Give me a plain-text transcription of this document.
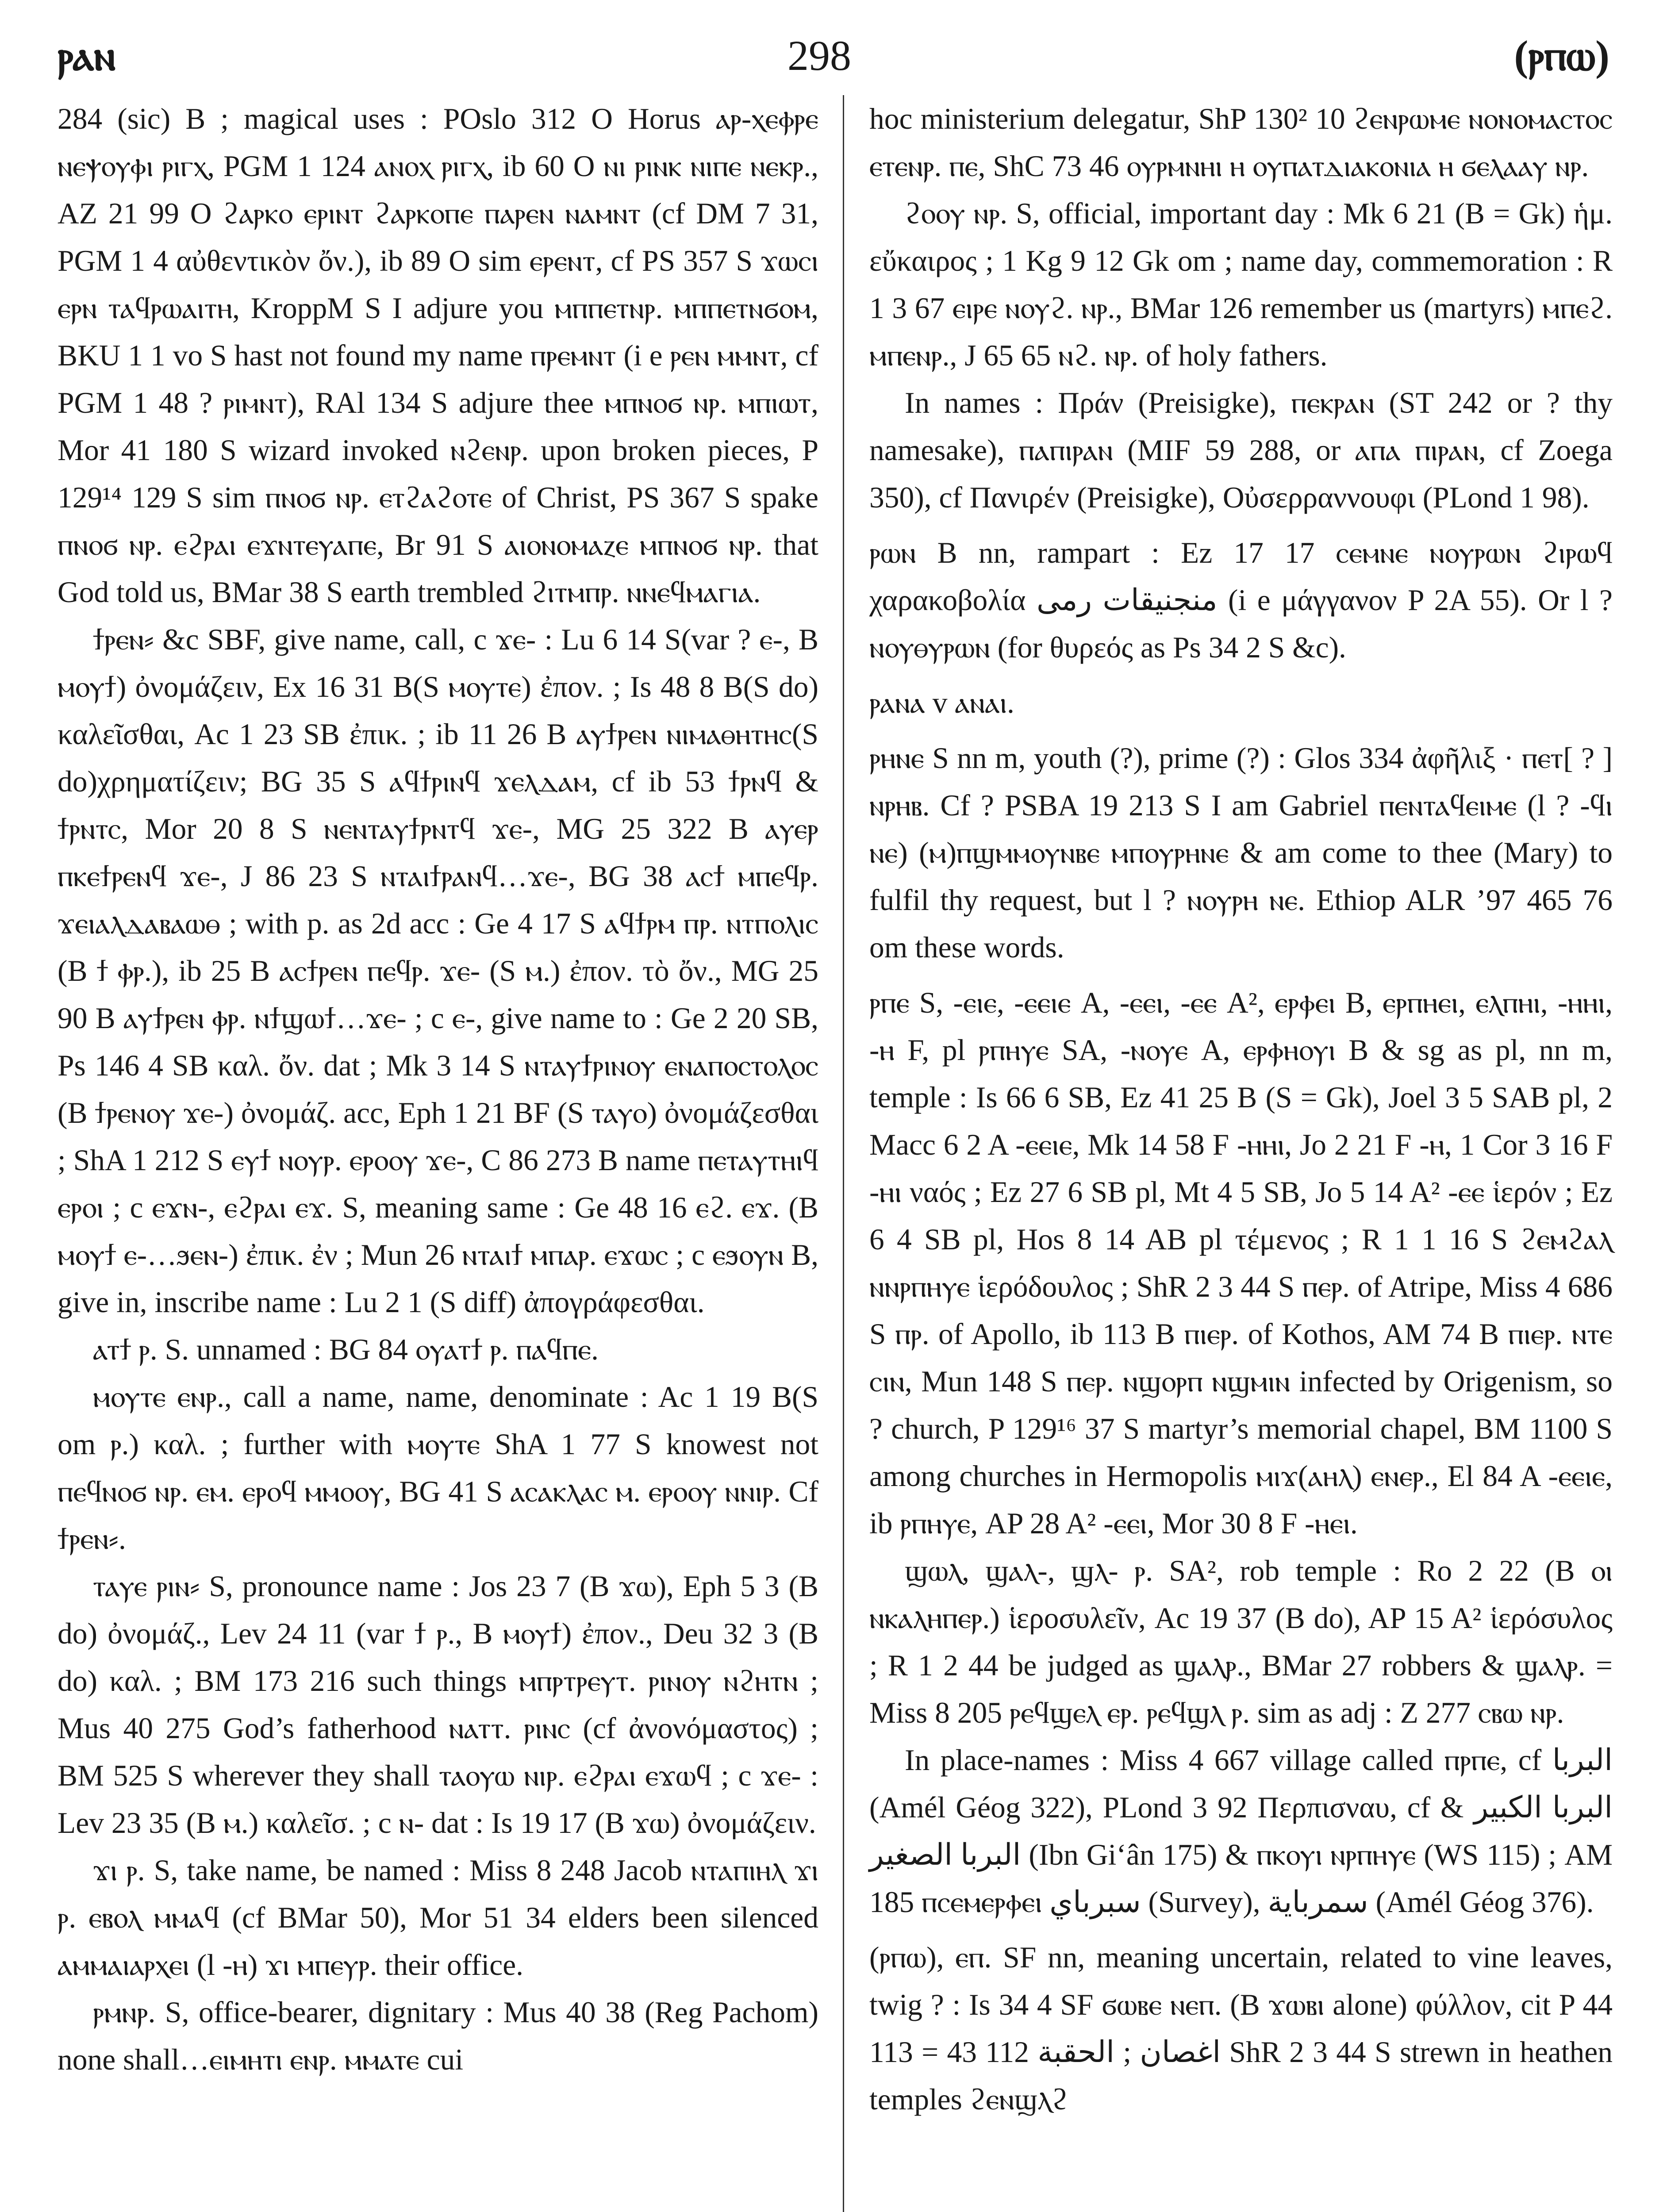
ⲣⲁⲛ	298	(ⲣⲡⲱ)

284 (sic) B ; magical uses : POslo 312 O Horus ⲁⲣ-ⲭⲉⲫⲣⲉ ⲛⲉⲯⲟⲩⲫⲓ ⲣⲓⲅⲭ, PGM 1 124 ⲁⲛⲟⲭ ⲣⲓⲅⲭ, ib 60 O ⲛⲓ ⲣⲓⲛⲕ ⲛⲓⲡⲉ ⲛⲉⲕⲣ., AZ 21 99 O ϩⲁⲣⲕⲟ ⲉⲣⲓⲛⲧ ϩⲁⲣⲕⲟⲡⲉ ⲡⲁⲣⲉⲛ ⲛⲁⲙⲛⲧ (cf DM 7 31, PGM 1 4 αὐθεντικὸν ὄν.), ib 89 O sim ⲉⲣⲉⲛⲧ, cf PS 357 S ϫⲱⲥⲓ ⲉⲣⲛ ⲧⲁϥⲣⲱⲁⲓⲧⲏ, KroppM S I adjure you ⲙⲡⲡⲉⲧⲛⲣ. ⲙⲡⲡⲉⲧⲛϭⲟⲙ, BKU 1 1 vo S hast not found my name ⲡⲣⲉⲙⲛⲧ (i e ⲣⲉⲛ ⲙⲙⲛⲧ, cf PGM 1 48 ? ⲣⲓⲙⲛⲧ), RAl 134 S adjure thee ⲙⲡⲛⲟϭ ⲛⲣ. ⲙⲡⲓⲱⲧ, Mor 41 180 S wizard invoked ⲛϩⲉⲛⲣ. upon broken pieces, P 129¹⁴ 129 S sim ⲡⲛⲟϭ ⲛⲣ. ⲉⲧϩⲁϩⲟⲧⲉ of Christ, PS 367 S spake ⲡⲛⲟϭ ⲛⲣ. ⲉϩⲣⲁⲓ ⲉϫⲛⲧⲉⲩⲁⲡⲉ, Br 91 S ⲁⲓⲟⲛⲟⲙⲁⲍⲉ ⲙⲡⲛⲟϭ ⲛⲣ. that God told us, BMar 38 S earth trembled ϩⲓⲧⲙⲡⲣ. ⲛⲛⲉϥⲙⲁⲅⲓⲁ.

ϯⲣⲉⲛ⸗ &c SBF, give name, call, c ϫⲉ- : Lu 6 14 S(var ? ⲉ-, B ⲙⲟⲩϯ) ὀνομάζειν, Ex 16 31 B(S ⲙⲟⲩⲧⲉ) ἐπον. ; Is 48 8 B(S do) καλεῖσθαι, Ac 1 23 SB ἐπικ. ; ib 11 26 B ⲁⲩϯⲣⲉⲛ ⲛⲓⲙⲁⲑⲏⲧⲏⲥ(S do)χρηματίζειν; BG 35 S ⲁϥϯⲣⲓⲛϥ ϫⲉⲗⲇⲁⲙ, cf ib 53 ϯⲣⲛϥ & ϯⲣⲛⲧⲥ, Mor 20 8 S ⲛⲉⲛⲧⲁⲩϯⲣⲛⲧϥ ϫⲉ-, MG 25 322 B ⲁⲩⲉⲣ ⲡⲕⲉϯⲣⲉⲛϥ ϫⲉ-, J 86 23 S ⲛⲧⲁⲓϯⲣⲁⲛϥ…ϫⲉ-, BG 38 ⲁⲥϯ ⲙⲡⲉϥⲣ. ϫⲉⲓⲁⲗⲇⲁⲃⲁⲱⲑ ; with p. as 2d acc : Ge 4 17 S ⲁϥϯⲣⲙ ⲡⲣ. ⲛⲧⲡⲟⲗⲓⲥ (B ϯ ⲫⲣ.), ib 25 B ⲁⲥϯⲣⲉⲛ ⲡⲉϥⲣ. ϫⲉ- (S ⲙ.) ἐπον. τὸ ὄν., MG 25 90 B ⲁⲩϯⲣⲉⲛ ⲫⲣ. ⲛϯϣⲱϯ…ϫⲉ- ; c ⲉ-, give name to : Ge 2 20 SB, Ps 146 4 SB καλ. ὄν. dat ; Mk 3 14 S ⲛⲧⲁⲩϯⲣⲓⲛⲟⲩ ⲉⲛⲁⲡⲟⲥⲧⲟⲗⲟⲥ (B ϯⲣⲉⲛⲟⲩ ϫⲉ-) ὀνομάζ. acc, Eph 1 21 BF (S ⲧⲁⲩⲟ) ὀνομάζεσθαι ; ShA 1 212 S ⲉⲩϯ ⲛⲟⲩⲣ. ⲉⲣⲟⲟⲩ ϫⲉ-, C 86 273 B name ⲡⲉⲧⲁⲩⲧⲏⲓϥ ⲉⲣⲟⲓ ; c ⲉϫⲛ-, ⲉϩⲣⲁⲓ ⲉϫ. S, meaning same : Ge 48 16 ⲉϩ. ⲉϫ. (B ⲙⲟⲩϯ ⲉ-…ϧⲉⲛ-) ἐπικ. ἐν ; Mun 26 ⲛⲧⲁⲓϯ ⲙⲡⲁⲣ. ⲉϫⲱⲥ ; c ⲉϧⲟⲩⲛ B, give in, inscribe name : Lu 2 1 (S diff) ἀπογράφεσθαι.

ⲁⲧϯ ⲣ. S. unnamed : BG 84 ⲟⲩⲁⲧϯ ⲣ. ⲡⲁϥⲡⲉ.

ⲙⲟⲩⲧⲉ ⲉⲛⲣ., call a name, name, denominate : Ac 1 19 B(S om ⲣ.) καλ. ; further with ⲙⲟⲩⲧⲉ ShA 1 77 S knowest not ⲡⲉϥⲛⲟϭ ⲛⲣ. ⲉⲙ. ⲉⲣⲟϥ ⲙⲙⲟⲟⲩ, BG 41 S ⲁⲥⲁⲕⲗⲁⲥ ⲙ. ⲉⲣⲟⲟⲩ ⲛⲛⲓⲣ. Cf ϯⲣⲉⲛ⸗.

ⲧⲁⲩⲉ ⲣⲓⲛ⸗ S, pronounce name : Jos 23 7 (B ϫⲱ), Eph 5 3 (B do) ὀνομάζ., Lev 24 11 (var ϯ ⲣ., B ⲙⲟⲩϯ) ἐπον., Deu 32 3 (B do) καλ. ; BM 173 216 such things ⲙⲡⲣⲧⲣⲉⲩⲧ. ⲣⲓⲛⲟⲩ ⲛϩⲏⲧⲛ ; Mus 40 275 God’s fatherhood ⲛⲁⲧⲧ. ⲣⲓⲛⲥ (cf ἀνονόμαστος) ; BM 525 S wherever they shall ⲧⲁⲟⲩⲱ ⲛⲓⲣ. ⲉϩⲣⲁⲓ ⲉϫⲱϥ ; c ϫⲉ- : Lev 23 35 (B ⲙ.) καλεῖσ. ; c ⲛ- dat : Is 19 17 (B ϫⲱ) ὀνομάζειν.

ϫⲓ ⲣ. S, take name, be named : Miss 8 248 Jacob ⲛⲧⲁⲡⲓⲏⲗ ϫⲓ ⲣ. ⲉⲃⲟⲗ ⲙⲙⲁϥ (cf BMar 50), Mor 51 34 elders been silenced ⲁⲙⲙⲁⲓⲁⲣⲭⲉⲓ (l -ⲏ) ϫⲓ ⲙⲡⲉⲩⲣ. their office.

ⲣⲙⲛⲣ. S, office-bearer, dignitary : Mus 40 38 (Reg Pachom) none shall…ⲉⲓⲙⲏⲧⲓ ⲉⲛⲣ. ⲙⲙⲁⲧⲉ cui

hoc ministerium delegatur, ShP 130² 10 ϩⲉⲛⲣⲱⲙⲉ ⲛⲟⲛⲟⲙⲁⲥⲧⲟⲥ ⲉⲧⲉⲛⲣ. ⲡⲉ, ShC 73 46 ⲟⲩⲣⲙⲛⲏⲓ ⲏ ⲟⲩⲡⲁⲧⲇⲓⲁⲕⲟⲛⲓⲁ ⲏ ϭⲉⲗⲁⲁⲩ ⲛⲣ.

ϩⲟⲟⲩ ⲛⲣ. S, official, important day : Mk 6 21 (B = Gk) ἡμ. εὔκαιρος ; 1 Kg 9 12 Gk om ; name day, commemoration : R 1 3 67 ⲉⲓⲣⲉ ⲛⲟⲩϩ. ⲛⲣ., BMar 126 remember us (martyrs) ⲙⲡⲉϩ. ⲙⲡⲉⲛⲣ., J 65 65 ⲛϩ. ⲛⲣ. of holy fathers.

In names : Πράν (Preisigke), ⲡⲉⲕⲣⲁⲛ (ST 242 or ? thy namesake), ⲡⲁⲡⲓⲣⲁⲛ (MIF 59 288, or ⲁⲡⲁ ⲡⲓⲣⲁⲛ, cf Zoega 350), cf Πανιρέν (Preisigke), Οὐσερραννουφι (PLond 1 98).

ⲣⲱⲛ B nn, rampart : Ez 17 17 ⲥⲉⲙⲛⲉ ⲛⲟⲩⲣⲱⲛ ϩⲓⲣⲱϥ χαρακοβολία منجنيقات رمى (i e μάγγανον P 2A 55). Or l ? ⲛⲟⲩⲑⲩⲣⲱⲛ (for θυρεός as Ps 34 2 S &c).

ⲣⲁⲛⲁ v ⲁⲛⲁⲓ.

ⲣⲏⲛⲉ S nn m, youth (?), prime (?) : Glos 334 ἀφῆλιξ · ⲡⲉⲧ[ ? ] ⲛⲣⲏⲃ. Cf ? PSBA 19 213 S I am Gabriel ⲡⲉⲛⲧⲁϥⲉⲓⲙⲉ (l ? -ϥⲓ ⲛⲉ) (ⲙ)ⲡϣⲙⲙⲟⲩⲛⲃⲉ ⲙⲡⲟⲩⲣⲏⲛⲉ & am come to thee (Mary) to fulfil thy request, but l ? ⲛⲟⲩⲣⲏ ⲛⲉ. Ethiop ALR ’97 465 76 om these words.

ⲣⲡⲉ S, -ⲉⲓⲉ, -ⲉⲉⲓⲉ A, -ⲉⲉⲓ, -ⲉⲉ A², ⲉⲣⲫⲉⲓ B, ⲉⲣⲡⲏⲉⲓ, ⲉⲗⲡⲏⲓ, -ⲏⲏⲓ, -ⲏ F, pl ⲣⲡⲏⲩⲉ SA, -ⲛⲟⲩⲉ A, ⲉⲣⲫⲏⲟⲩⲓ B & sg as pl, nn m, temple : Is 66 6 SB, Ez 41 25 B (S = Gk), Joel 3 5 SAB pl, 2 Macc 6 2 A -ⲉⲉⲓⲉ, Mk 14 58 F -ⲏⲏⲓ, Jo 2 21 F -ⲏ, 1 Cor 3 16 F -ⲏⲓ ναός ; Ez 27 6 SB pl, Mt 4 5 SB, Jo 5 14 A² -ⲉⲉ ἱερόν ; Ez 6 4 SB pl, Hos 8 14 AB pl τέμενος ; R 1 1 16 S ϩⲉⲙϩⲁⲗ ⲛⲛⲣⲡⲏⲩⲉ ἱερόδουλος ; ShR 2 3 44 S ⲡⲉⲣ. of Atripe, Miss 4 686 S ⲡⲣ. of Apollo, ib 113 B ⲡⲓⲉⲣ. of Kothos, AM 74 B ⲡⲓⲉⲣ. ⲛⲧⲉ ⲥⲓⲛ, Mun 148 S ⲡⲉⲣ. ⲛϣⲟⲣⲡ ⲛϣⲙⲓⲛ infected by Origenism, so ? church, P 129¹⁶ 37 S martyr’s memorial chapel, BM 1100 S among churches in Hermopolis ⲙⲓϫ(ⲁⲏⲗ) ⲉⲛⲉⲣ., El 84 A -ⲉⲉⲓⲉ, ib ⲣⲡⲏⲩⲉ, AP 28 A² -ⲉⲉⲓ, Mor 30 8 F -ⲏⲉⲓ.

ϣⲱⲗ, ϣⲁⲗ-, ϣⲗ- ⲣ. SA², rob temple : Ro 2 22 (B ⲟⲓ ⲛⲕⲁⲗⲏⲡⲉⲣ.) ἱεροσυλεῖν, Ac 19 37 (B do), AP 15 A² ἱερόσυλος ; R 1 2 44 be judged as ϣⲁⲗⲣ., BMar 27 robbers & ϣⲁⲗⲣ. = Miss 8 205 ⲣⲉϥϣⲉⲗ ⲉⲣ. ⲣⲉϥϣⲗ ⲣ. sim as adj : Z 277 ⲥⲃⲱ ⲛⲣ.

In place-names : Miss 4 667 village called ⲡⲣⲡⲉ, cf البربا (Amél Géog 322), PLond 3 92 Περπισναυ, cf البربا الكبير & البربا الصغير (Ibn Gi‘ân 175) & ⲡⲕⲟⲩⲓ ⲛⲣⲡⲏⲩⲉ (WS 115) ; AM 185 ⲡⲥⲉⲙⲉⲣⲫⲉⲓ سبرباي (Survey), سمرباية (Amél Géog 376).

(ⲣⲡⲱ), ⲉⲡ. SF nn, meaning uncertain, related to vine leaves, twig ? : Is 34 4 SF ϭⲱⲃⲉ ⲛⲉⲡ. (B ϫⲱⲃⲓ alone) φύλλον, cit P 44 113 = 43 112 اغصان ; الحقبة ShR 2 3 44 S strewn in heathen temples ϩⲉⲛϣⲗϩ
